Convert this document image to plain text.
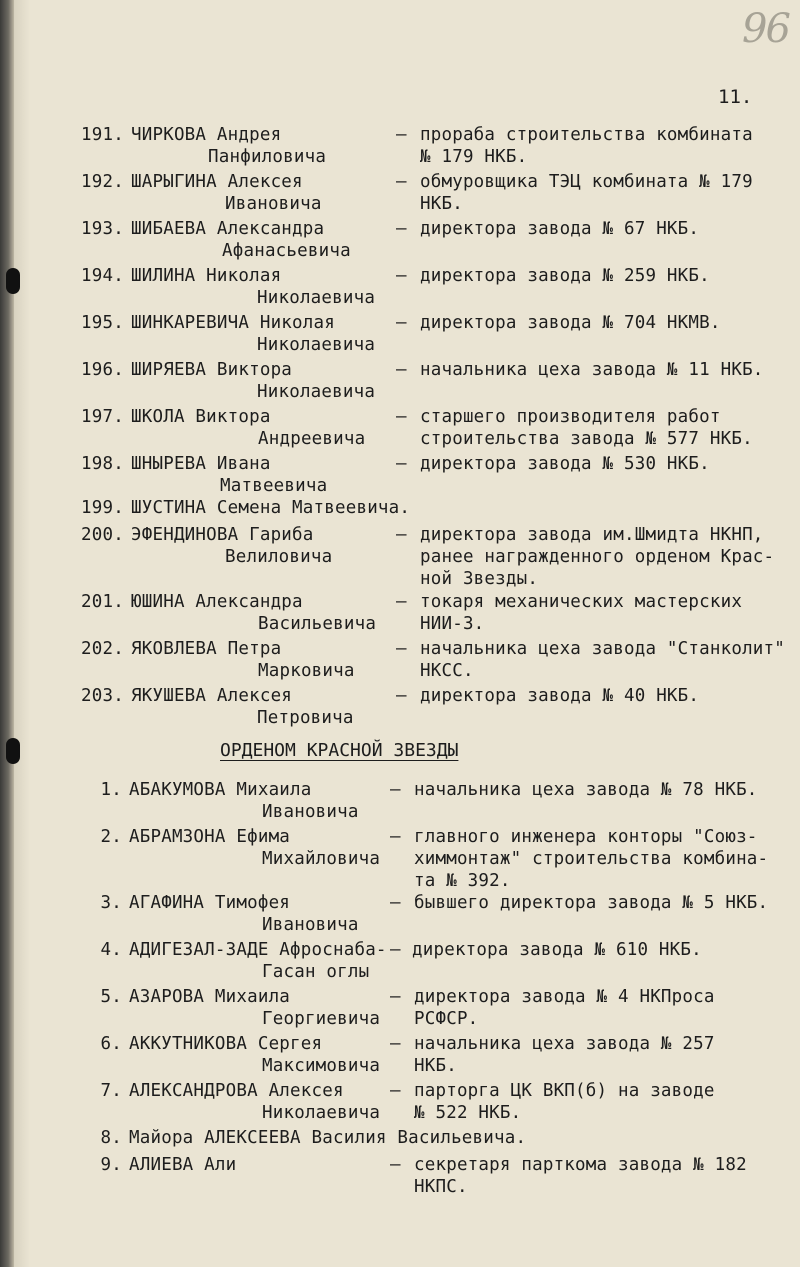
96
11.
191. ЧИРКОВА Андрея
Панфиловича
– прораба строительства комбината
№ 179 НКБ.
192. ШАРЫГИНА Алексея
Ивановича
– обмуровщика ТЭЦ комбината № 179
НКБ.
193. ШИБАЕВА Александра
Афанасьевича
– директора завода № 67 НКБ.
194. ШИЛИНА Николая
Николаевича
– директора завода № 259 НКБ.
195. ШИНКАРЕВИЧА Николая
Николаевича
– директора завода № 704 НКМВ.
196. ШИРЯЕВА Виктора
Николаевича
– начальника цеха завода № 11 НКБ.
197. ШКОЛА Виктора
Андреевича
– старшего производителя работ
строительства завода № 577 НКБ.
198. ШНЫРЕВА Ивана
Матвеевича
– директора завода № 530 НКБ.
199. ШУСТИНА Семена Матвеевича.
200. ЭФЕНДИНОВА Гариба
Велиловича
– директора завода им.Шмидта НКНП,
ранее награжденного орденом Крас-
ной Звезды.
201. ЮШИНА Александра
Васильевича
– токаря механических мастерских
НИИ-3.
202. ЯКОВЛЕВА Петра
Марковича
– начальника цеха завода "Станколит"
НКСС.
203. ЯКУШЕВА Алексея
Петровича
– директора завода № 40 НКБ.
ОРДЕНОМ КРАСНОЙ ЗВЕЗДЫ
1. АБАКУМОВА Михаила
Ивановича
– начальника цеха завода № 78 НКБ.
2. АБРАМЗОНА Ефима
Михайловича
– главного инженера конторы "Союз-
химмонтаж" строительства комбина-
та № 392.
3. АГАФИНА Тимофея
Ивановича
– бывшего директора завода № 5 НКБ.
4. АДИГЕЗАЛ-ЗАДЕ Афроснаба-
Гасан оглы
– директора завода № 610 НКБ.
5. АЗАРОВА Михаила
Георгиевича
– директора завода № 4 НКПроса
РСФСР.
6. АККУТНИКОВА Сергея
Максимовича
– начальника цеха завода № 257
НКБ.
7. АЛЕКСАНДРОВА Алексея
Николаевича
– парторга ЦК ВКП(б) на заводе
№ 522 НКБ.
8. Майора АЛЕКСЕЕВА Василия Васильевича.
9. АЛИЕВА Али	– секретаря парткома завода № 182
НКПС.
